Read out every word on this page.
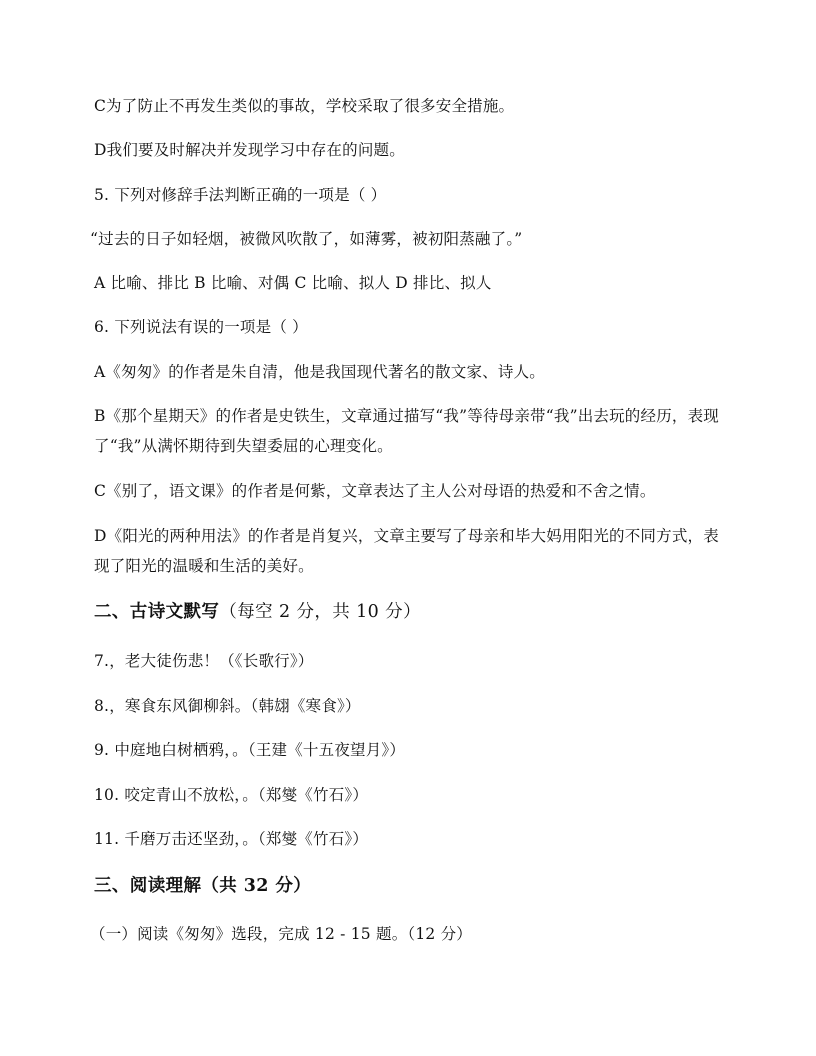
C为了防止不再发生类似的事故，学校采取了很多安全措施。
D我们要及时解决并发现学习中存在的问题。
5. 下列对修辞手法判断正确的一项是（ ）
“过去的日子如轻烟，被微风吹散了，如薄雾，被初阳蒸融了。”
A 比喻、排比 B 比喻、对偶 C 比喻、拟人 D 排比、拟人
6. 下列说法有误的一项是（ ）
A《匆匆》的作者是朱自清，他是我国现代著名的散文家、诗人。
B《那个星期天》的作者是史铁生，文章通过描写“我”等待母亲带“我”出去玩的经历，表现了“我”从满怀期待到失望委屈的心理变化。
C《别了，语文课》的作者是何紫，文章表达了主人公对母语的热爱和不舍之情。
D《阳光的两种用法》的作者是肖复兴，文章主要写了母亲和毕大妈用阳光的不同方式，表现了阳光的温暖和生活的美好。
二、古诗文默写（每空 2 分，共 10 分）
7.，老大徒伤悲！（《长歌行》）
8.，寒食东风御柳斜。（韩翃《寒食》）
9. 中庭地白树栖鸦，。（王建《十五夜望月》）
10. 咬定青山不放松，。（郑燮《竹石》）
11. 千磨万击还坚劲，。（郑燮《竹石》）
三、阅读理解（共 32 分）
（一）阅读《匆匆》选段，完成 12 - 15 题。（12 分）
